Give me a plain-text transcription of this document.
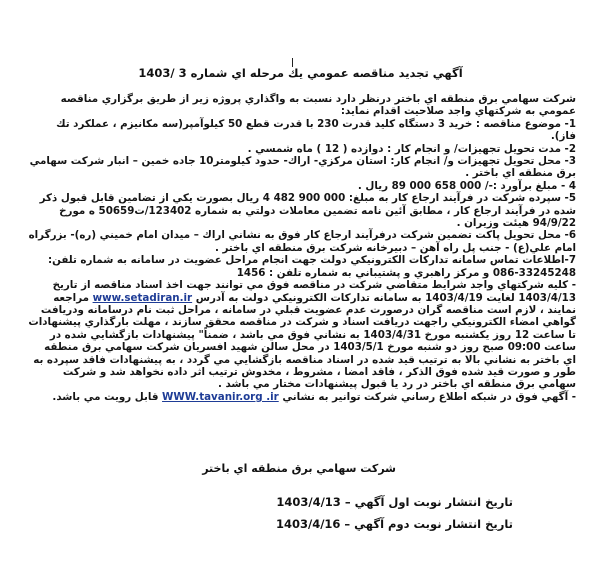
آگهي تجديد مناقصه عمومي يك مرحله اي شماره 3 /1403

شركت سهامي برق منطقه اي باختر درنظر دارد نسبت به واگذاري پروژه زير از طريق برگزاري مناقصه عمومي به شركتهاي واجد صلاحيت اقدام نمايد:

1- موضوع مناقصه : خريد 3 دستگاه كليد قدرت 230 با قدرت قطع 50 كيلوآمپر(سه مكانيزم ، عملكرد تك فاز).

2- مدت تحويل تجهيزات/ و انجام كار : دوازده ( 12 ) ماه شمسي .

3- محل تحويل تجهيزات و/ انجام كار: استان مركزي- اراك- حدود كيلومتر10 جاده خمين – انبار شركت سهامي برق منطقه اي باختر .

4 - مبلغ برآورد :-/ 000 658 000 89 ريال .

5- سپرده شركت در فرآيند ارجاع كار به مبلغ: 000 900 482 4 ريال بصورت يكي از تضامين قابل قبول ذكر شده در فرآيند ارجاع كار ، مطابق آئين نامه تضمين معاملات دولتي به شماره 123402/ت50659 ه مورخ 94/9/22 هيئت وزيران .

6- محل تحويل پاكت تضمين شركت درفرآيند ارجاع كار فوق به نشاني اراك – ميدان امام خميني (ره)- بزرگراه امام علي(ع) - جنب پل راه آهن – دبيرخانه شركت برق منطقه اي باختر .

7-اطلاعات تماس سامانه تداركات الكترونيكي دولت جهت انجام مراحل عضويت در سامانه به شماره تلفن: 33245248-086 و مركز راهبري و پشتيباني به شماره تلفن : 1456

- كليه شركتهاي واجد شرايط متقاضي شركت در مناقصه فوق مي توانند جهت اخذ اسناد مناقصه از تاريخ 1403/4/13 لغايت 1403/4/19 به سامانه تداركات الكترونيكي دولت به آدرس www.setadiran.ir مراجعه نمايند ، لازم است مناقصه گران درصورت عدم عضويت قبلي در سامانه ، مراحل ثبت نام درسامانه ودريافت گواهي امضاء الكترونيكي راجهت دريافت اسناد و شركت در مناقصه محقق سازند ، مهلت بارگذاري پيشنهادات تا ساعت 12 روز يكشنبه مورخ 1403/4/31 به نشاني فوق مي باشد ، ضمناً" پيشنهادات بازگشايي شده در ساعت 09:00 صبح روز دو شنبه مورخ 1403/5/1 در محل سالن شهيد افسريان شركت سهامي برق منطقه اي باختر به نشاني بالا به ترتيب قيد شده در اسناد مناقصه بازگشايي مي گردد ، به پيشنهادات فاقد سپرده به طور و صورت قيد شده فوق الذكر ، فاقد امضا ، مشروط ، مخدوش ترتيب اثر داده نخواهد شد و شركت سهامي برق منطقه اي باختر در رد يا قبول پيشنهادات مختار مي باشد .

- آگهي فوق در شبكه اطلاع رساني شركت توانير به نشاني WWW.tavanir.org .ir قابل رويت مي باشد.

شركت سهامي برق منطقه اي باختر
تاريخ انتشار نوبت اول آگهي – 1403/4/13
تاريخ انتشار نوبت دوم آگهي – 1403/4/16
